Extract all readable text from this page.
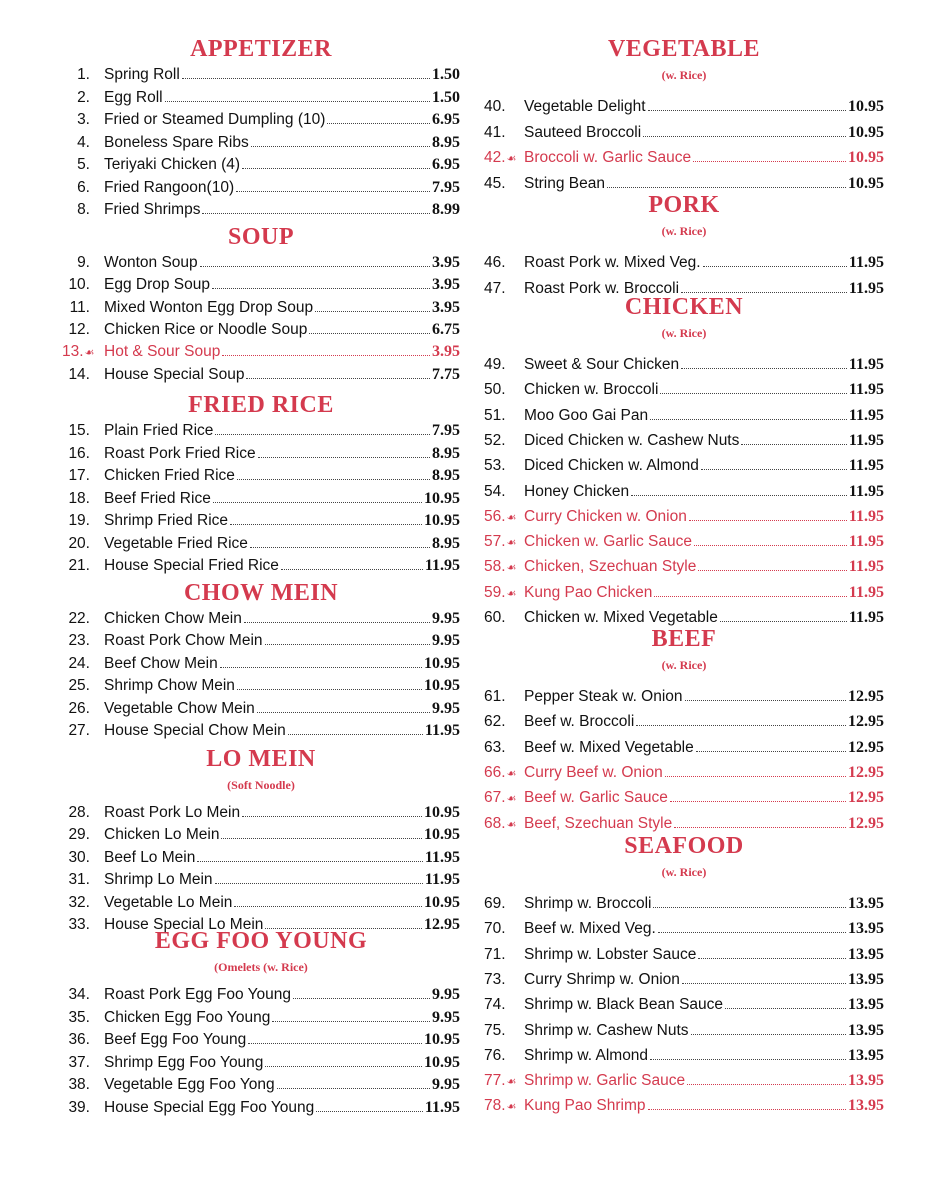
APPETIZER
1. Spring Roll	1.50
2. Egg Roll	1.50
3. Fried or Steamed Dumpling (10)	6.95
4. Boneless Spare Ribs	8.95
5. Teriyaki Chicken (4)	6.95
6. Fried Rangoon(10)	7.95
8. Fried Shrimps	8.99
SOUP
9. Wonton Soup	3.95
10. Egg Drop Soup	3.95
11. Mixed Wonton Egg Drop Soup	3.95
12. Chicken Rice or Noodle Soup	6.75
13.☙ Hot & Sour Soup	3.95
14. House Special Soup	7.75
FRIED RICE
15. Plain Fried Rice	7.95
16. Roast Pork Fried Rice	8.95
17. Chicken Fried Rice	8.95
18. Beef Fried Rice	10.95
19. Shrimp Fried Rice	10.95
20. Vegetable Fried Rice	8.95
21. House Special Fried Rice	11.95
CHOW MEIN
22. Chicken Chow Mein	9.95
23. Roast Pork Chow Mein	9.95
24. Beef Chow Mein	10.95
25. Shrimp Chow Mein	10.95
26. Vegetable Chow Mein	9.95
27. House Special Chow Mein	11.95
LO MEIN
(Soft Noodle)
28. Roast Pork Lo Mein	10.95
29. Chicken Lo Mein	10.95
30. Beef Lo Mein	11.95
31. Shrimp Lo Mein	11.95
32. Vegetable Lo Mein	10.95
33. House Special Lo Mein	12.95
EGG FOO YOUNG
(Omelets (w. Rice)
34. Roast Pork Egg Foo Young	9.95
35. Chicken Egg Foo Young	9.95
36. Beef Egg Foo Young	10.95
37. Shrimp Egg Foo Young	10.95
38. Vegetable Egg Foo Yong	9.95
39. House Special Egg Foo Young	11.95
VEGETABLE
(w. Rice)
40.	Vegetable Delight	10.95
41.	Sauteed Broccoli	10.95
42.☙ Broccoli w. Garlic Sauce	10.95
45.	String Bean	10.95
PORK
(w. Rice)
46.	Roast Pork w. Mixed Veg.	11.95
47.	Roast Pork w. Broccoli	11.95
CHICKEN
(w. Rice)
49.	Sweet & Sour Chicken	11.95
50.	Chicken w. Broccoli	11.95
51.	Moo Goo Gai Pan	11.95
52.	Diced Chicken w. Cashew Nuts	11.95
53.	Diced Chicken w. Almond	11.95
54.	Honey Chicken	11.95
56.☙ Curry Chicken w. Onion	11.95
57.☙ Chicken w. Garlic Sauce	11.95
58.☙ Chicken, Szechuan Style	11.95
59.☙ Kung Pao Chicken	11.95
60.	Chicken w. Mixed Vegetable	11.95
BEEF
(w. Rice)
61.	Pepper Steak w. Onion	12.95
62.	Beef w. Broccoli	12.95
63.	Beef w. Mixed Vegetable	12.95
66.☙ Curry Beef w. Onion	12.95
67.☙ Beef w. Garlic Sauce	12.95
68.☙ Beef, Szechuan Style	12.95
SEAFOOD
(w. Rice)
69.	Shrimp w. Broccoli	13.95
70.	Beef w. Mixed Veg.	13.95
71.	Shrimp w. Lobster Sauce	13.95
73.	Curry Shrimp w. Onion	13.95
74.	Shrimp w. Black Bean Sauce	13.95
75.	Shrimp w. Cashew Nuts	13.95
76.	Shrimp w. Almond	13.95
77.☙ Shrimp w. Garlic Sauce	13.95
78.☙ Kung Pao Shrimp	13.95
